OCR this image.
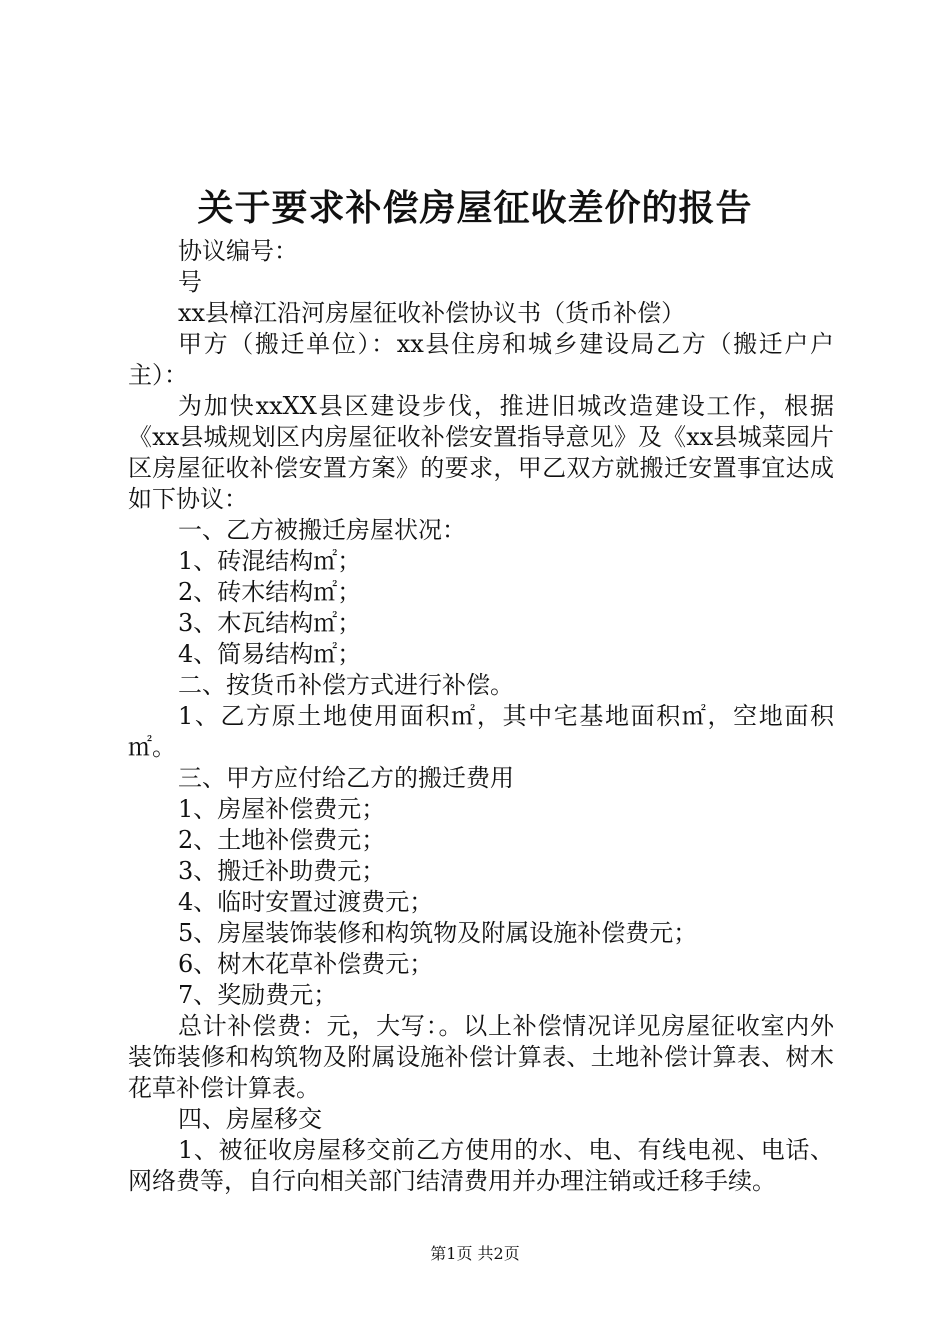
关于要求补偿房屋征收差价的报告

协议编号：

号

xx县樟江沿河房屋征收补偿协议书（货币补偿）

甲方（搬迁单位）：xx县住房和城乡建设局乙方（搬迁户户主）：

为加快xxXX县区建设步伐，推进旧城改造建设工作，根据《xx县城规划区内房屋征收补偿安置指导意见》及《xx县城菜园片区房屋征收补偿安置方案》的要求，甲乙双方就搬迁安置事宜达成如下协议：

一、乙方被搬迁房屋状况：

1、砖混结构㎡；

2、砖木结构㎡；

3、木瓦结构㎡；

4、简易结构㎡；

二、按货币补偿方式进行补偿。

1、乙方原土地使用面积㎡，其中宅基地面积㎡，空地面积㎡。

三、甲方应付给乙方的搬迁费用

1、房屋补偿费元；

2、土地补偿费元；

3、搬迁补助费元；

4、临时安置过渡费元；

5、房屋装饰装修和构筑物及附属设施补偿费元；

6、树木花草补偿费元；

7、奖励费元；

总计补偿费：元，大写：。以上补偿情况详见房屋征收室内外装饰装修和构筑物及附属设施补偿计算表、土地补偿计算表、树木花草补偿计算表。

四、房屋移交

1、被征收房屋移交前乙方使用的水、电、有线电视、电话、网络费等，自行向相关部门结清费用并办理注销或迁移手续。

第1页 共2页
